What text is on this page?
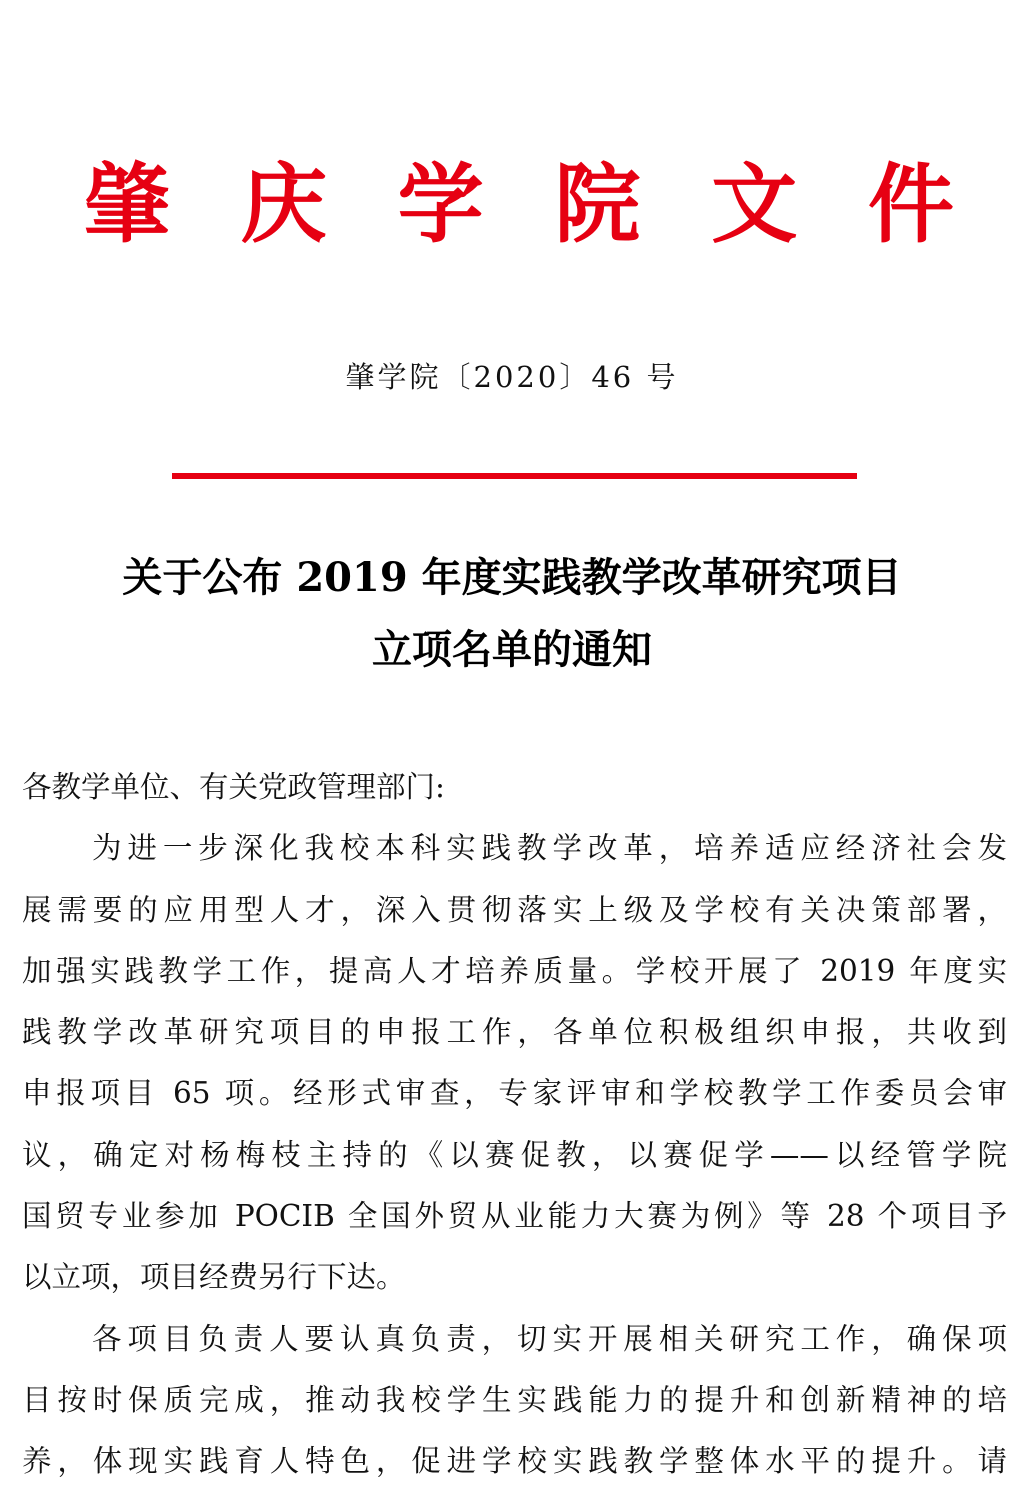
肇 庆 学 院 文 件
肇学院〔2020〕46 号
关于公布 2019 年度实践教学改革研究项目
立项名单的通知
各教学单位、有关党政管理部门:
为进一步深化我校本科实践教学改革，培养适应经济社会发
展需要的应用型人才，深入贯彻落实上级及学校有关决策部署，
加强实践教学工作，提高人才培养质量。学校开展了 2019 年度实
践教学改革研究项目的申报工作，各单位积极组织申报，共收到
申报项目 65 项。经形式审查，专家评审和学校教学工作委员会审
议，确定对杨梅枝主持的《以赛促教，以赛促学——以经管学院
国贸专业参加 POCIB 全国外贸从业能力大赛为例》等 28 个项目予
以立项，项目经费另行下达。
各项目负责人要认真负责，切实开展相关研究工作，确保项
目按时保质完成，推动我校学生实践能力的提升和创新精神的培
养，体现实践育人特色，促进学校实践教学整体水平的提升。请
